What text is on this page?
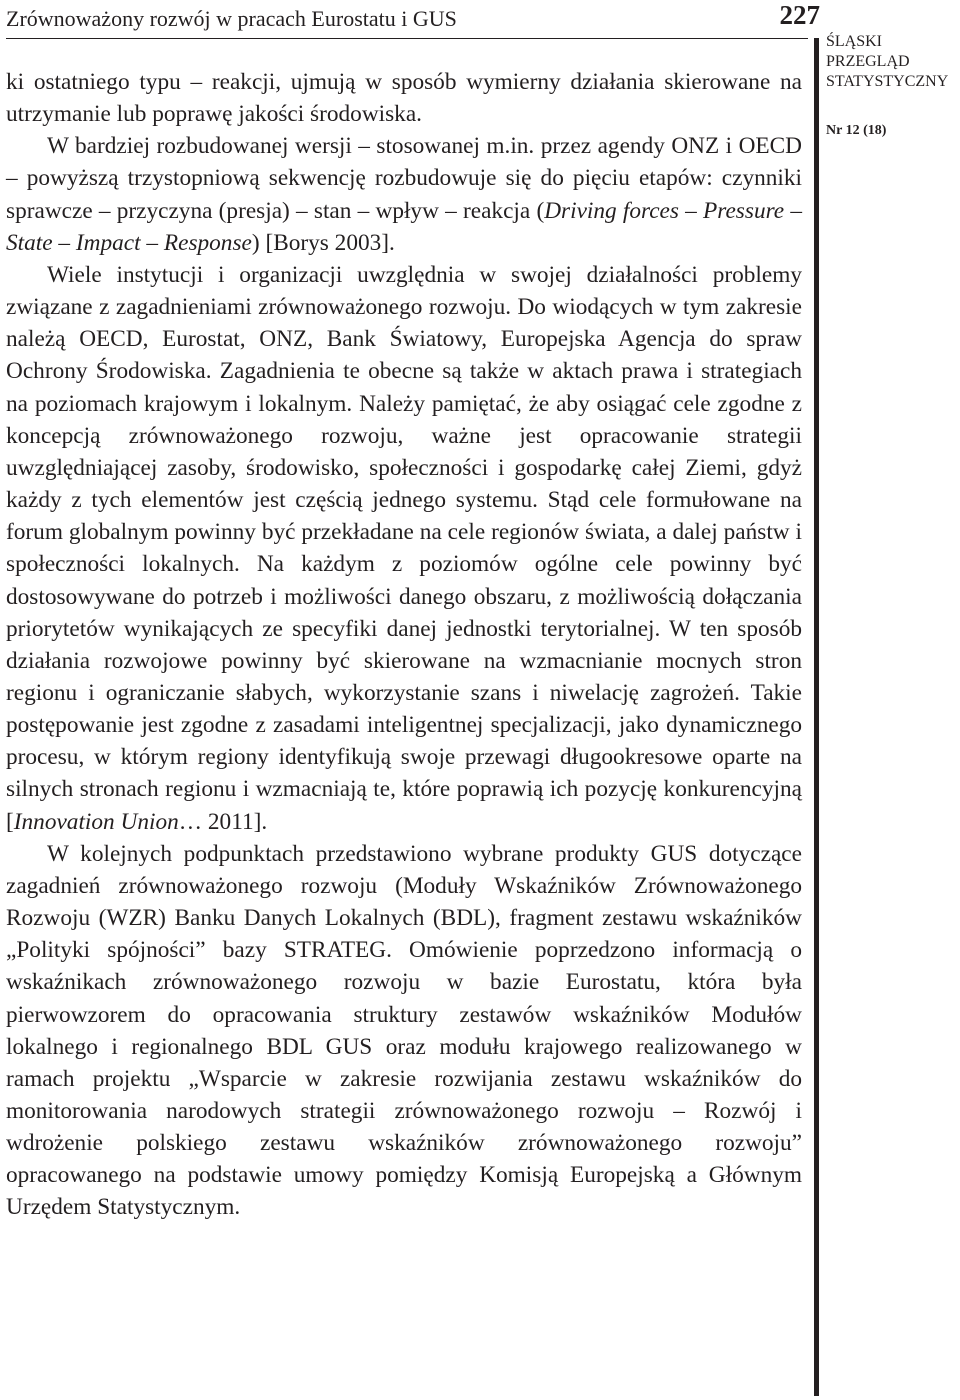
Zrównoważony rozwój w pracach Eurostatu i GUS	227
ŚLĄSKI
PRZEGLĄD
STATYSTYCZNY
Nr 12 (18)

ki ostatniego typu – reakcji, ujmują w sposób wymierny działania skierowane na utrzymanie lub poprawę jakości środowiska.

W bardziej rozbudowanej wersji – stosowanej m.in. przez agendy ONZ i OECD – powyższą trzystopniową sekwencję rozbudowuje się do pięciu etapów: czynniki sprawcze – przyczyna (presja) – stan – wpływ – reakcja (Driving forces – Pressure – State – Impact – Response) [Borys 2003].

Wiele instytucji i organizacji uwzględnia w swojej działalności problemy związane z zagadnieniami zrównoważonego rozwoju. Do wiodących w tym zakresie należą OECD, Eurostat, ONZ, Bank Światowy, Europejska Agencja do spraw Ochrony Środowiska. Zagadnienia te obecne są także w aktach prawa i strategiach na poziomach krajowym i lokalnym. Należy pamiętać, że aby osiągać cele zgodne z koncepcją zrównoważonego rozwoju, ważne jest opracowanie strategii uwzględniającej zasoby, środowisko, społeczności i gospodarkę całej Ziemi, gdyż każdy z tych elementów jest częścią jednego systemu. Stąd cele formułowane na forum globalnym powinny być przekładane na cele regionów świata, a dalej państw i społeczności lokalnych. Na każdym z poziomów ogólne cele powinny być dostosowywane do potrzeb i możliwości danego obszaru, z możliwością dołączania priorytetów wynikających ze specyfiki danej jednostki terytorialnej. W ten sposób działania rozwojowe powinny być skierowane na wzmacnianie mocnych stron regionu i ograniczanie słabych, wykorzystanie szans i niwelację zagrożeń. Takie postępowanie jest zgodne z zasadami inteligentnej specjalizacji, jako dynamicznego procesu, w którym regiony identyfikują swoje przewagi długookresowe oparte na silnych stronach regionu i wzmacniają te, które poprawią ich pozycję konkurencyjną [Innovation Union… 2011].

W kolejnych podpunktach przedstawiono wybrane produkty GUS dotyczące zagadnień zrównoważonego rozwoju (Moduły Wskaźników Zrównoważonego Rozwoju (WZR) Banku Danych Lokalnych (BDL), fragment zestawu wskaźników „Polityki spójności” bazy STRATEG. Omówienie poprzedzono informacją o wskaźnikach zrównoważonego rozwoju w bazie Eurostatu, która była pierwowzorem do opracowania struktury zestawów wskaźników Modułów lokalnego i regionalnego BDL GUS oraz modułu krajowego realizowanego w ramach projektu „Wsparcie w zakresie rozwijania zestawu wskaźników do monitorowania narodowych strategii zrównoważonego rozwoju – Rozwój i wdrożenie polskiego zestawu wskaźników zrównoważonego rozwoju” opracowanego na podstawie umowy pomiędzy Komisją Europejską a Głównym Urzędem Statystycznym.
